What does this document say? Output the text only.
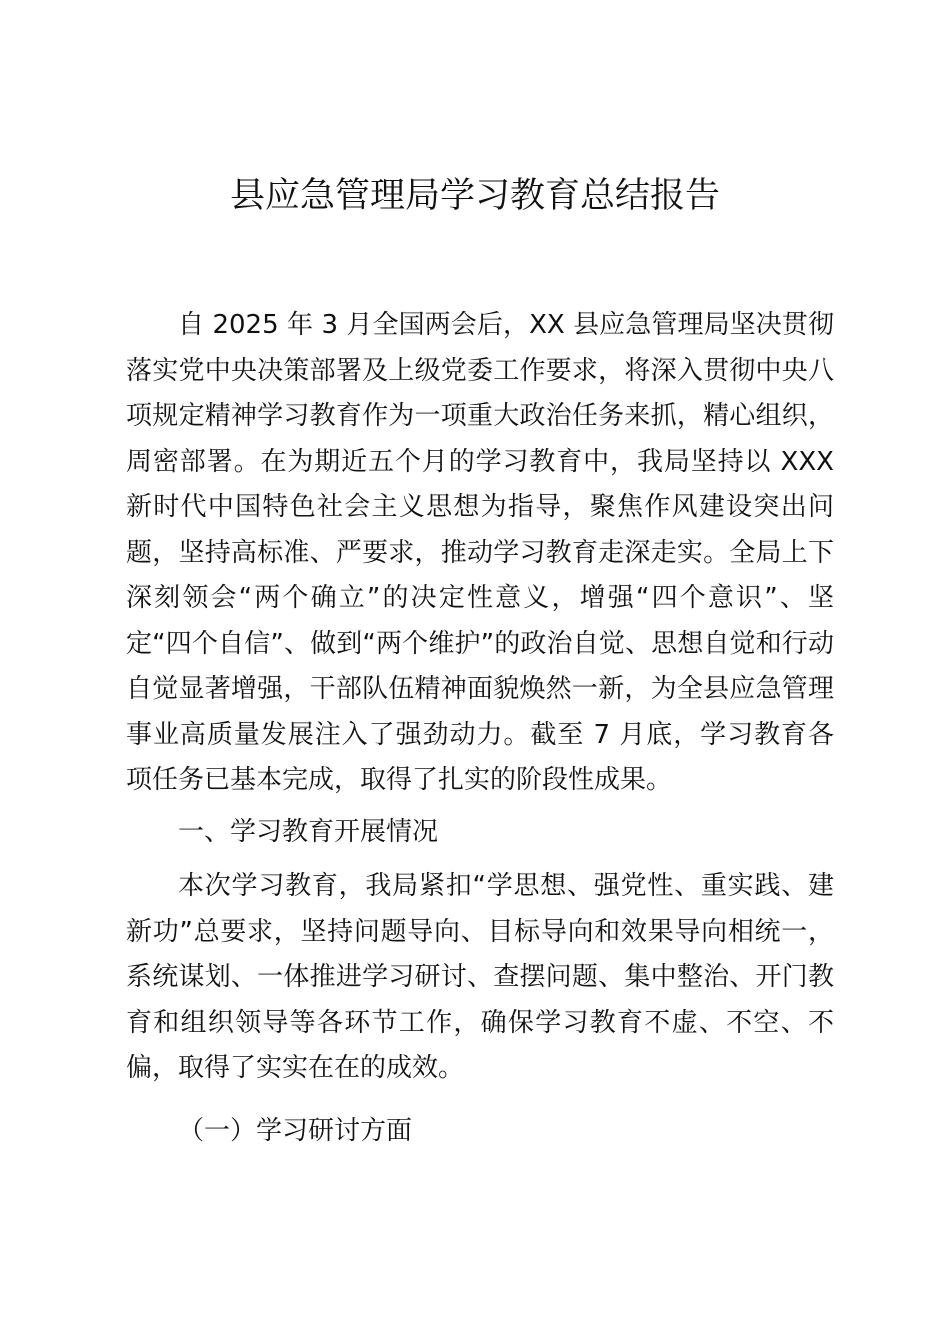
县应急管理局学习教育总结报告

自 2025 年 3 月全国两会后，XX 县应急管理局坚决贯彻落实党中央决策部署及上级党委工作要求，将深入贯彻中央八项规定精神学习教育作为一项重大政治任务来抓，精心组织，周密部署。在为期近五个月的学习教育中，我局坚持以 XXX 新时代中国特色社会主义思想为指导，聚焦作风建设突出问题，坚持高标准、严要求，推动学习教育走深走实。全局上下深刻领会“两个确立”的决定性意义，增强“四个意识”、坚定“四个自信”、做到“两个维护”的政治自觉、思想自觉和行动自觉显著增强，干部队伍精神面貌焕然一新，为全县应急管理事业高质量发展注入了强劲动力。截至 7 月底，学习教育各项任务已基本完成，取得了扎实的阶段性成果。

一、学习教育开展情况

本次学习教育，我局紧扣“学思想、强党性、重实践、建新功”总要求，坚持问题导向、目标导向和效果导向相统一，系统谋划、一体推进学习研讨、查摆问题、集中整治、开门教育和组织领导等各环节工作，确保学习教育不虚、不空、不偏，取得了实实在在的成效。

（一）学习研讨方面
